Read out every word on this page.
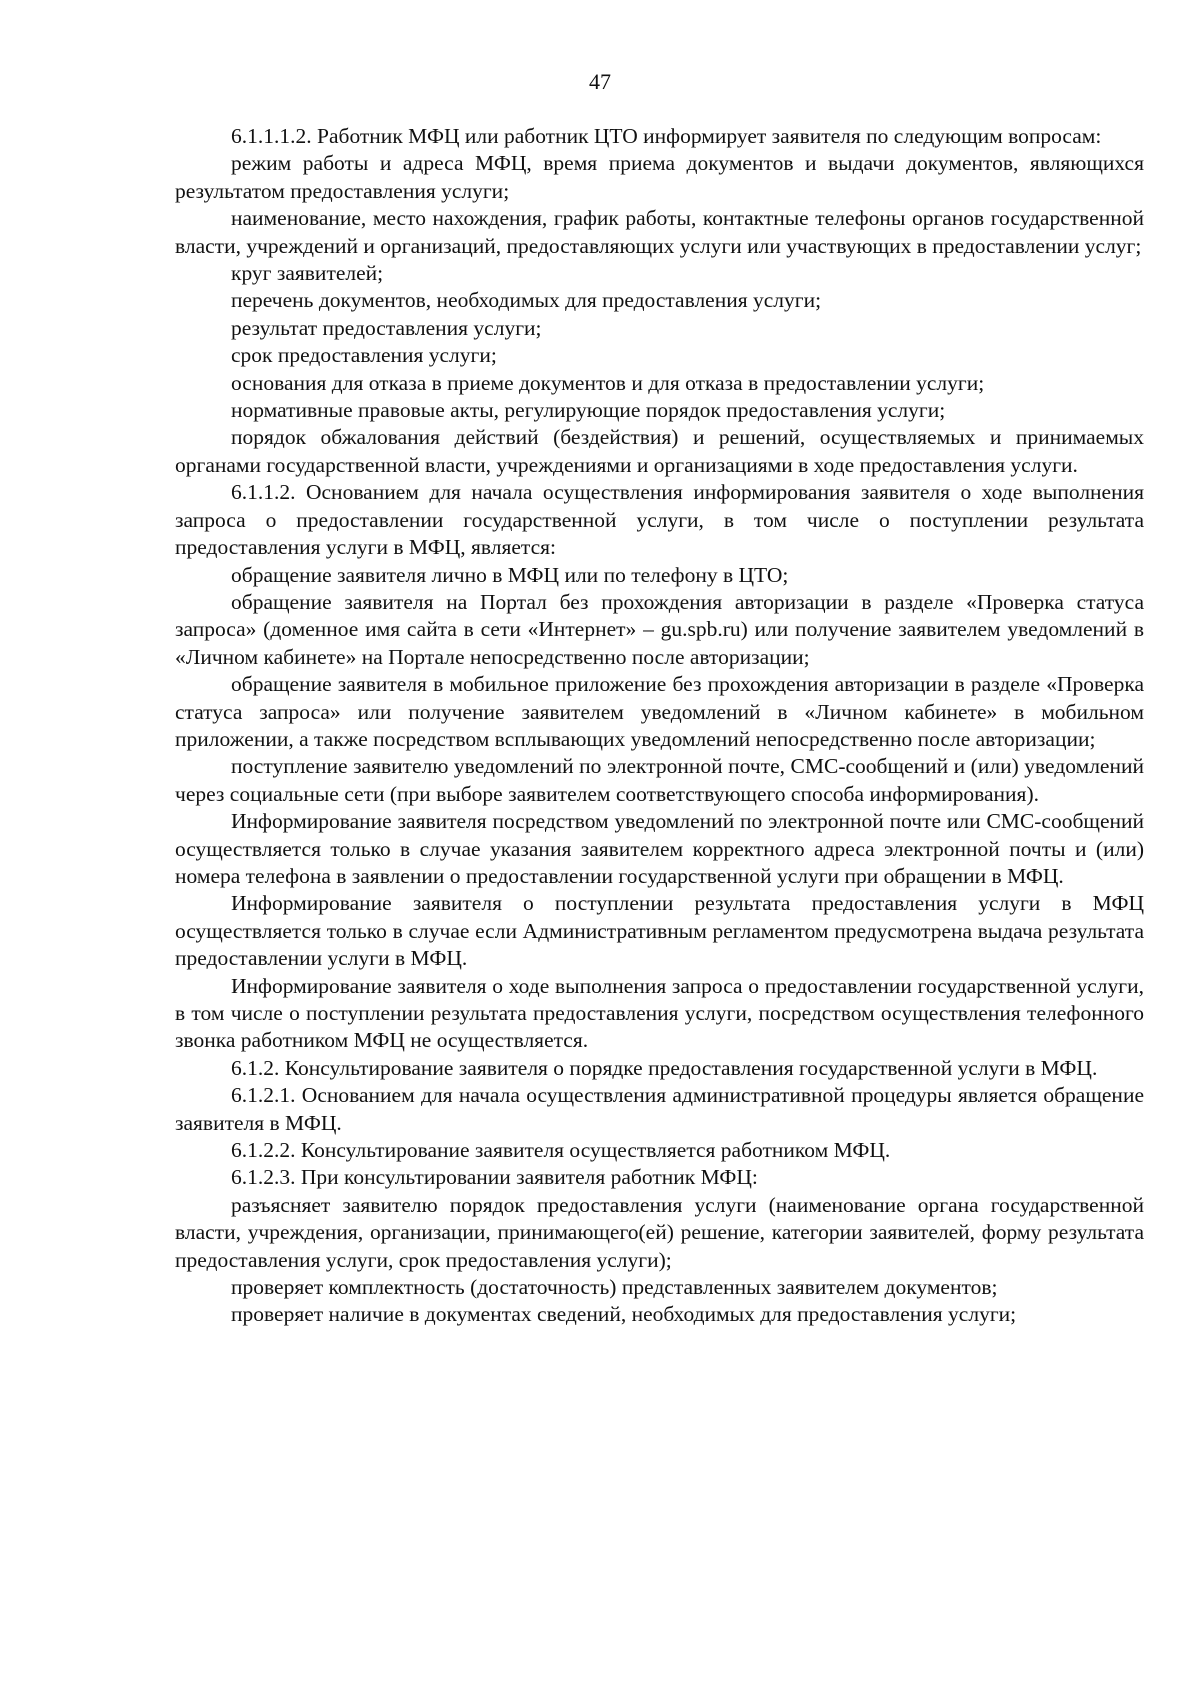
47

6.1.1.1.2. Работник МФЦ или работник ЦТО информирует заявителя по следующим вопросам:

режим работы и адреса МФЦ, время приема документов и выдачи документов, являющихся результатом предоставления услуги;

наименование, место нахождения, график работы, контактные телефоны органов государственной власти, учреждений и организаций, предоставляющих услуги или участвующих в предоставлении услуг;

круг заявителей;

перечень документов, необходимых для предоставления услуги;

результат предоставления услуги;

срок предоставления услуги;

основания для отказа в приеме документов и для отказа в предоставлении услуги;

нормативные правовые акты, регулирующие порядок предоставления услуги;

порядок обжалования действий (бездействия) и решений, осуществляемых и принимаемых органами государственной власти, учреждениями и организациями в ходе предоставления услуги.

6.1.1.2. Основанием для начала осуществления информирования заявителя о ходе выполнения запроса о предоставлении государственной услуги, в том числе о поступлении результата предоставления услуги в МФЦ, является:

обращение заявителя лично в МФЦ или по телефону в ЦТО;

обращение заявителя на Портал без прохождения авторизации в разделе «Проверка статуса запроса» (доменное имя сайта в сети «Интернет» – gu.spb.ru) или получение заявителем уведомлений в «Личном кабинете» на Портале непосредственно после авторизации;

обращение заявителя в мобильное приложение без прохождения авторизации в разделе «Проверка статуса запроса» или получение заявителем уведомлений в «Личном кабинете» в мобильном приложении, а также посредством всплывающих уведомлений непосредственно после авторизации;

поступление заявителю уведомлений по электронной почте, СМС-сообщений и (или) уведомлений через социальные сети (при выборе заявителем соответствующего способа информирования).

Информирование заявителя посредством уведомлений по электронной почте или СМС-сообщений осуществляется только в случае указания заявителем корректного адреса электронной почты и (или) номера телефона в заявлении о предоставлении государственной услуги при обращении в МФЦ.

Информирование заявителя о поступлении результата предоставления услуги в МФЦ осуществляется только в случае если Административным регламентом предусмотрена выдача результата предоставлении услуги в МФЦ.

Информирование заявителя о ходе выполнения запроса о предоставлении государственной услуги, в том числе о поступлении результата предоставления услуги, посредством осуществления телефонного звонка работником МФЦ не осуществляется.

6.1.2. Консультирование заявителя о порядке предоставления государственной услуги в МФЦ.

6.1.2.1. Основанием для начала осуществления административной процедуры является обращение заявителя в МФЦ.

6.1.2.2. Консультирование заявителя осуществляется работником МФЦ.

6.1.2.3. При консультировании заявителя работник МФЦ:

разъясняет заявителю порядок предоставления услуги (наименование органа государственной власти, учреждения, организации, принимающего(ей) решение, категории заявителей, форму результата предоставления услуги, срок предоставления услуги);

проверяет комплектность (достаточность) представленных заявителем документов;

проверяет наличие в документах сведений, необходимых для предоставления услуги;
